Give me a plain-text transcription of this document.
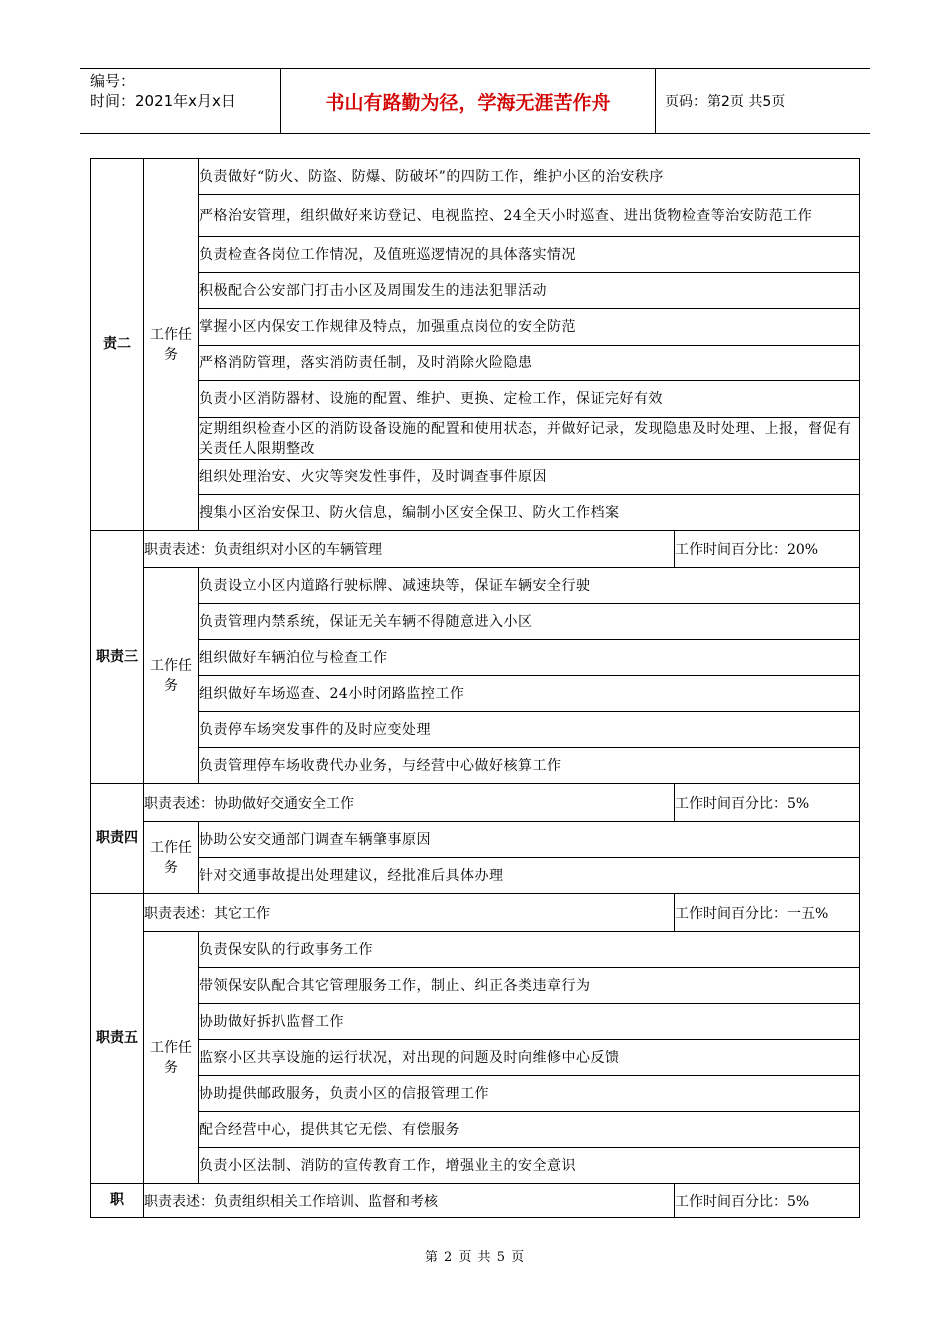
编号：
时间：2021年x月x日	书山有路勤为径，学海无涯苦作舟	页码：第2页 共5页
责二	工作任务	负责做好“防火、防盗、防爆、防破坏”的四防工作，维护小区的治安秩序	
		严格治安管理，组织做好来访登记、电视监控、24全天小时巡查、进出货物检查等治安防范工作	
		负责检查各岗位工作情况，及值班巡逻情况的具体落实情况	
		积极配合公安部门打击小区及周围发生的违法犯罪活动	
		掌握小区内保安工作规律及特点，加强重点岗位的安全防范	
		严格消防管理，落实消防责任制，及时消除火险隐患	
		负责小区消防器材、设施的配置、维护、更换、定检工作，保证完好有效	
		定期组织检查小区的消防设备设施的配置和使用状态，并做好记录，发现隐患及时处理、上报，督促有关责任人限期整改	
		组织处理治安、火灾等突发性事件，及时调查事件原因	
		搜集小区治安保卫、防火信息，编制小区安全保卫、防火工作档案	
职责三	职责表述：负责组织对小区的车辆管理		工作时间百分比：20%
	工作任务	负责设立小区内道路行驶标牌、减速块等，保证车辆安全行驶	
		负责管理内禁系统，保证无关车辆不得随意进入小区	
		组织做好车辆泊位与检查工作	
		组织做好车场巡查、24小时闭路监控工作	
		负责停车场突发事件的及时应变处理	
		负责管理停车场收费代办业务，与经营中心做好核算工作	
职责四	职责表述：协助做好交通安全工作		工作时间百分比：5%
	工作任务	协助公安交通部门调查车辆肇事原因	
		针对交通事故提出处理建议，经批准后具体办理	
职责五	职责表述：其它工作		工作时间百分比：一五%
	工作任务	负责保安队的行政事务工作	
		带领保安队配合其它管理服务工作，制止、纠正各类违章行为	
		协助做好拆扒监督工作	
		监察小区共享设施的运行状况，对出现的问题及时向维修中心反馈	
		协助提供邮政服务，负责小区的信报管理工作	
		配合经营中心，提供其它无偿、有偿服务	
		负责小区法制、消防的宣传教育工作，增强业主的安全意识	
职	职责表述：负责组织相关工作培训、监督和考核		工作时间百分比：5%
第 2 页 共 5 页
